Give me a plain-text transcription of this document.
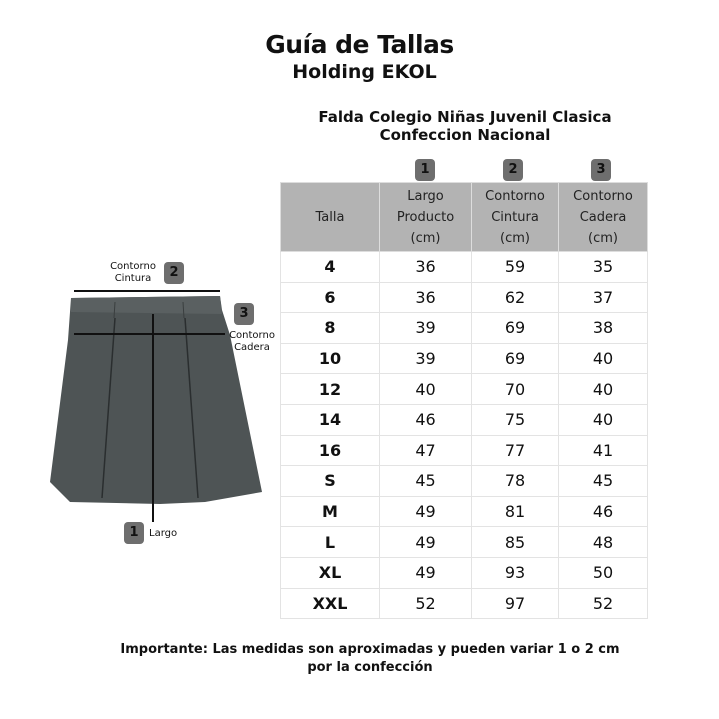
Guía de Tallas
Holding EKOL
Falda Colegio Niñas Juvenil Clasica
Confeccion Nacional
Contorno Cintura	2
3
Contorno Cadera
1	Largo
1	2	3
Talla	Largo Producto (cm)	Contorno Cintura (cm)	Contorno Cadera (cm)
4	36	59	35
6	36	62	37
8	39	69	38
10	39	69	40
12	40	70	40
14	46	75	40
16	47	77	41
S	45	78	45
M	49	81	46
L	49	85	48
XL	49	93	50
XXL	52	97	52
Importante: Las medidas son aproximadas y pueden variar 1 o 2 cm por la confección
